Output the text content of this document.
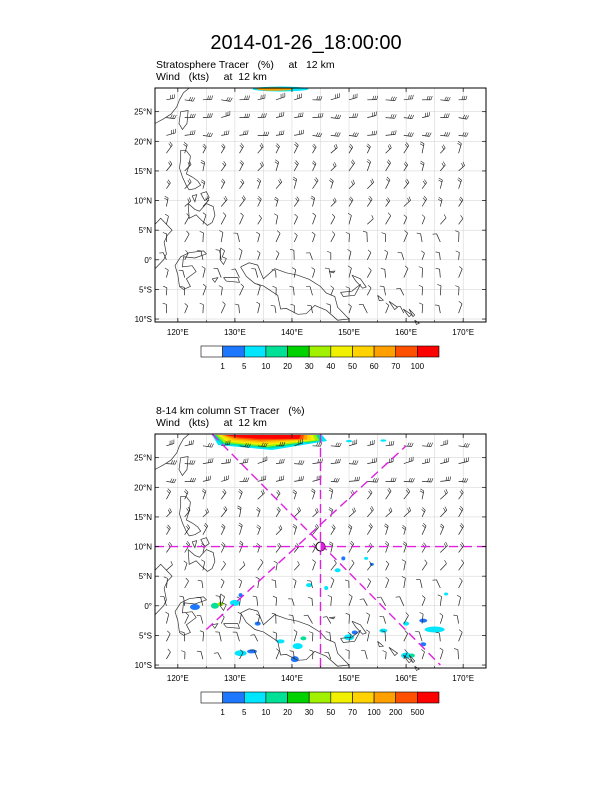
2014-01-26_18:00:00
Stratosphere Tracer   (%)     at   12 km
Wind   (kts)     at  12 km
8-14 km column ST Tracer   (%)
Wind   (kts)     at  12 km
120°E	130°E	140°E	150°E	160°E	170°E
25°N
20°N
15°N
10°N
5°N
0°
5°S
10°S
1 5 10 20 30 40 50 60 70 100
120°E	130°E	140°E	150°E	160°E	170°E
25°N
20°N
15°N
10°N
5°N
0°
5°S
10°S
1 5 10 20 30 50 70 100 200 500
